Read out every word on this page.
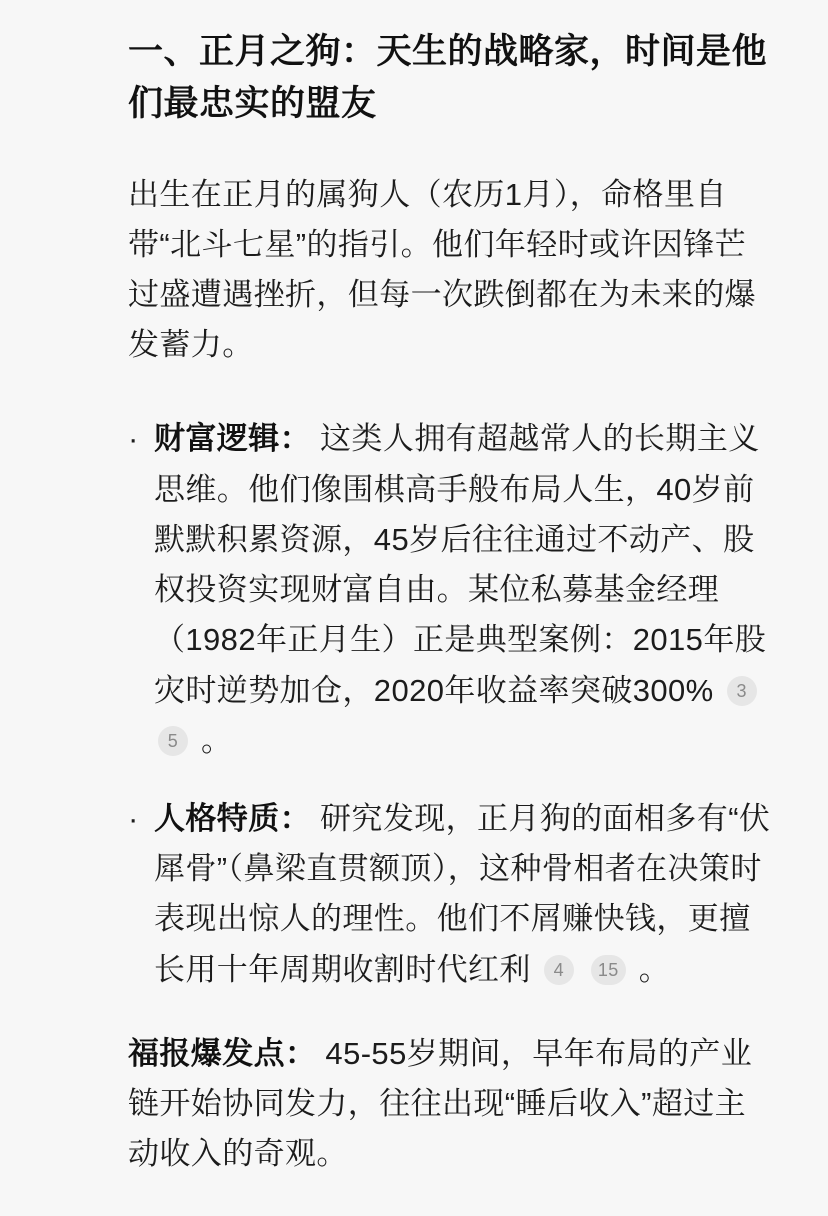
一、正月之狗：天生的战略家，时间是他们最忠实的盟友

出生在正月的属狗人（农历1月），命格里自带“北斗七星”的指引。他们年轻时或许因锋芒过盛遭遇挫折，但每一次跌倒都在为未来的爆发蓄力。

· 财富逻辑： 这类人拥有超越常人的长期主义思维。他们像围棋高手般布局人生，40岁前默默积累资源，45岁后往往通过不动产、股权投资实现财富自由。某位私募基金经理（1982年正月生）正是典型案例：2015年股灾时逆势加仓，2020年收益率突破300% 3 5 。
· 人格特质： 研究发现，正月狗的面相多有“伏犀骨”（鼻梁直贯额顶），这种骨相者在决策时表现出惊人的理性。他们不屑赚快钱，更擅长用十年周期收割时代红利 4 15 。

福报爆发点： 45-55岁期间，早年布局的产业链开始协同发力，往往出现“睡后收入”超过主动收入的奇观。
